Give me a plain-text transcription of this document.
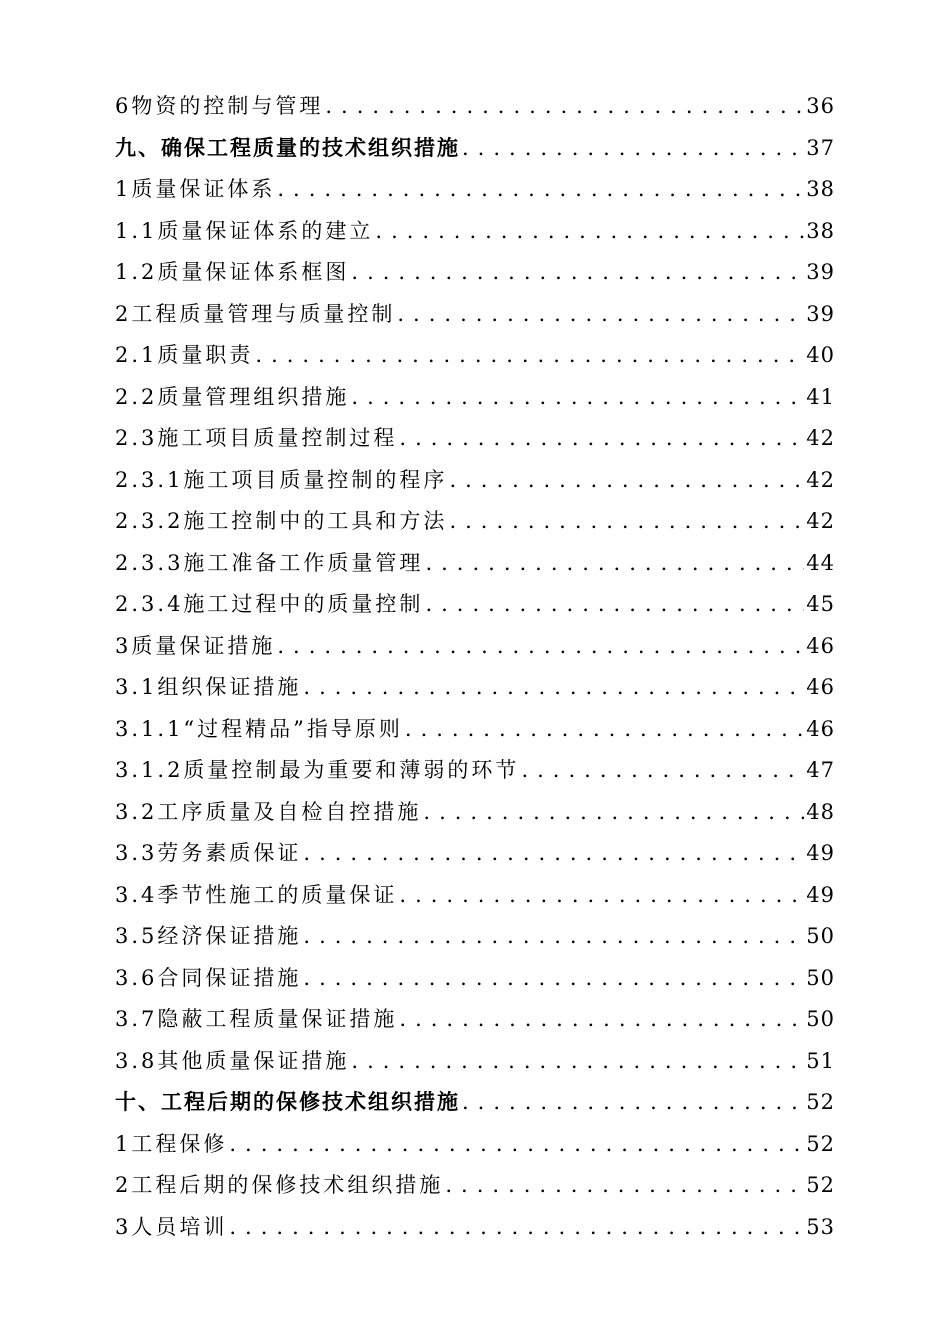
6物资的控制与管理 .....	36
九、确保工程质量的技术组织措施 .....	37
1质量保证体系 .....	38
1.1质量保证体系的建立 .....	38
1.2质量保证体系框图 .....	39
2工程质量管理与质量控制 .....	39
2.1质量职责 .....	40
2.2质量管理组织措施 .....	41
2.3施工项目质量控制过程 .....	42
2.3.1施工项目质量控制的程序 .....	42
2.3.2施工控制中的工具和方法 .....	42
2.3.3施工准备工作质量管理 .....	44
2.3.4施工过程中的质量控制 .....	45
3质量保证措施 .....	46
3.1组织保证措施 .....	46
3.1.1“过程精品”指导原则 .....	46
3.1.2质量控制最为重要和薄弱的环节 .....	47
3.2工序质量及自检自控措施 .....	48
3.3劳务素质保证 .....	49
3.4季节性施工的质量保证 .....	49
3.5经济保证措施 .....	50
3.6合同保证措施 .....	50
3.7隐蔽工程质量保证措施 .....	50
3.8其他质量保证措施 .....	51
十、工程后期的保修技术组织措施 .....	52
1工程保修 .....	52
2工程后期的保修技术组织措施 .....	52
3人员培训 .....	53
